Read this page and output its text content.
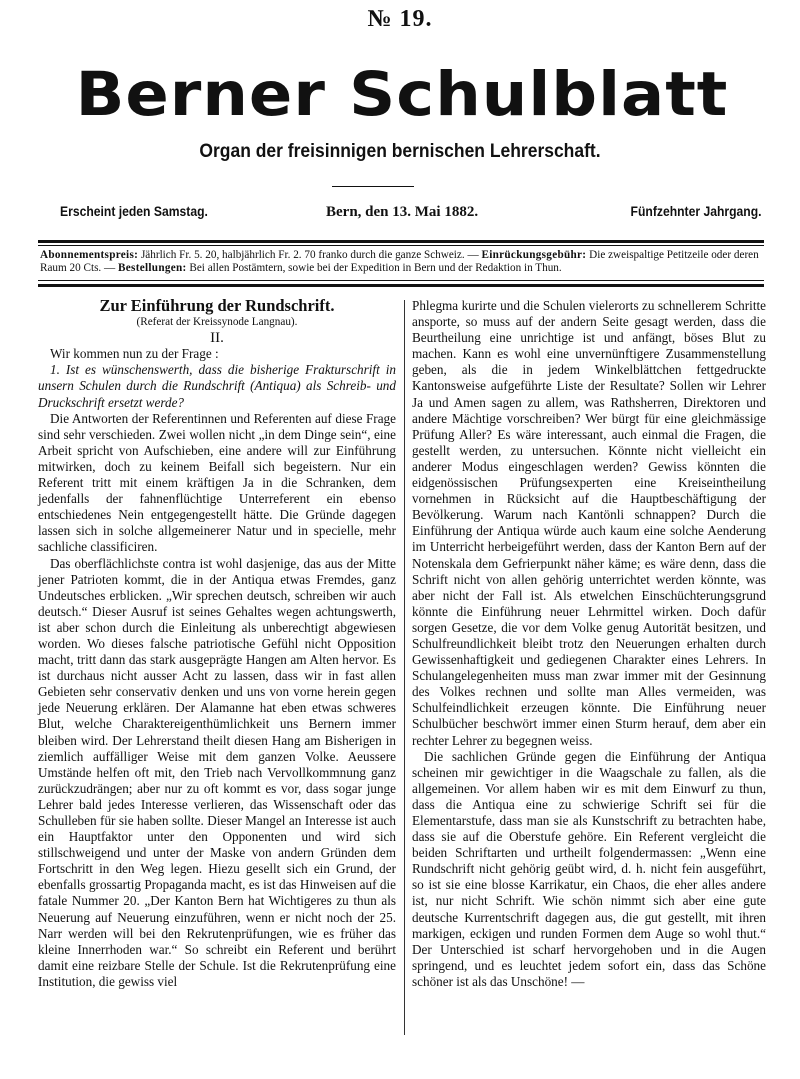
№ 19.
Berner Schulblatt
Organ der freisinnigen bernischen Lehrerschaft.
Erscheint jeden Samstag.	Bern, den 13. Mai 1882.	Fünfzehnter Jahrgang.
Abonnementspreis: Jährlich Fr. 5. 20, halbjährlich Fr. 2. 70 franko durch die ganze Schweiz. — Einrückungsgebühr: Die zweispaltige Petitzeile oder deren Raum 20 Cts. — Bestellungen: Bei allen Postämtern, sowie bei der Expedition in Bern und der Redaktion in Thun.

Zur Einführung der Rundschrift.

(Referat der Kreissynode Langnau).

II.

Wir kommen nun zu der Frage :

1. Ist es wünschenswerth, dass die bisherige Frakturschrift in unsern Schulen durch die Rundschrift (Antiqua) als Schreib- und Druckschrift ersetzt werde?

Die Antworten der Referentinnen und Referenten auf diese Frage sind sehr verschieden. Zwei wollen nicht „in dem Dinge sein“, eine Arbeit spricht von Aufschieben, eine andere will zur Einführung mitwirken, doch zu keinem Beifall sich begeistern. Nur ein Referent tritt mit einem kräftigen Ja in die Schranken, dem jedenfalls der fahnenflüchtige Unterreferent ein ebenso entschiedenes Nein entgegengestellt hätte. Die Gründe dagegen lassen sich in solche allgemeinerer Natur und in specielle, mehr sachliche classificiren.

Das oberflächlichste contra ist wohl dasjenige, das aus der Mitte jener Patrioten kommt, die in der Antiqua etwas Fremdes, ganz Undeutsches erblicken. „Wir sprechen deutsch, schreiben wir auch deutsch.“ Dieser Ausruf ist seines Gehaltes wegen achtungswerth, ist aber schon durch die Einleitung als unberechtigt abgewiesen worden. Wo dieses falsche patriotische Gefühl nicht Opposition macht, tritt dann das stark ausgeprägte Hangen am Alten hervor. Es ist durchaus nicht ausser Acht zu lassen, dass wir in fast allen Gebieten sehr conservativ denken und uns von vorne herein gegen jede Neuerung erklären. Der Alamanne hat eben etwas schweres Blut, welche Charaktereigenthümlichkeit uns Bernern immer bleiben wird. Der Lehrerstand theilt diesen Hang am Bisherigen in ziemlich auffälliger Weise mit dem ganzen Volke. Aeussere Umstände helfen oft mit, den Trieb nach Vervollkommnung ganz zurückzudrängen; aber nur zu oft kommt es vor, dass sogar junge Lehrer bald jedes Interesse verlieren, das Wissenschaft oder das Schulleben für sie haben sollte. Dieser Mangel an Interesse ist auch ein Hauptfaktor unter den Opponenten und wird sich stillschweigend und unter der Maske von andern Gründen dem Fortschritt in den Weg legen. Hiezu gesellt sich ein Grund, der ebenfalls grossartig Propaganda macht, es ist das Hinweisen auf die fatale Nummer 20. „Der Kanton Bern hat Wichtigeres zu thun als Neuerung auf Neuerung einzuführen, wenn er nicht noch der 25. Narr werden will bei den Rekrutenprüfungen, wie es früher das kleine Innerrhoden war.“ So schreibt ein Referent und berührt damit eine reizbare Stelle der Schule. Ist die Rekrutenprüfung eine Institution, die gewiss viel

Phlegma kurirte und die Schulen vielerorts zu schnellerem Schritte ansporte, so muss auf der andern Seite gesagt werden, dass die Beurtheilung eine unrichtige ist und anfängt, böses Blut zu machen. Kann es wohl eine unvernünftigere Zusammenstellung geben, als die in jedem Winkelblättchen fettgedruckte Kantonsweise aufgeführte Liste der Resultate? Sollen wir Lehrer Ja und Amen sagen zu allem, was Rathsherren, Direktoren und andere Mächtige vorschreiben? Wer bürgt für eine gleichmässige Prüfung Aller? Es wäre interessant, auch einmal die Fragen, die gestellt werden, zu untersuchen. Könnte nicht vielleicht ein anderer Modus eingeschlagen werden? Gewiss könnten die eidgenössischen Prüfungsexperten eine Kreiseintheilung vornehmen in Rücksicht auf die Hauptbeschäftigung der Bevölkerung. Warum nach Kantönli schnappen? Durch die Einführung der Antiqua würde auch kaum eine solche Aenderung im Unterricht herbeigeführt werden, dass der Kanton Bern auf der Notenskala dem Gefrierpunkt näher käme; es wäre denn, dass die Schrift nicht von allen gehörig unterrichtet werden könnte, was aber nicht der Fall ist. Als etwelchen Einschüchterungsgrund könnte die Einführung neuer Lehrmittel wirken. Doch dafür sorgen Gesetze, die vor dem Volke genug Autorität besitzen, und Schulfreundlichkeit bleibt trotz den Neuerungen erhalten durch Gewissenhaftigkeit und gediegenen Charakter eines Lehrers. In Schulangelegenheiten muss man zwar immer mit der Gesinnung des Volkes rechnen und sollte man Alles vermeiden, was Schulfeindlichkeit erzeugen könnte. Die Einführung neuer Schulbücher beschwört immer einen Sturm herauf, dem aber ein rechter Lehrer zu begegnen weiss.

Die sachlichen Gründe gegen die Einführung der Antiqua scheinen mir gewichtiger in die Waagschale zu fallen, als die allgemeinen. Vor allem haben wir es mit dem Einwurf zu thun, dass die Antiqua eine zu schwierige Schrift sei für die Elementarstufe, dass man sie als Kunstschrift zu betrachten habe, dass sie auf die Oberstufe gehöre. Ein Referent vergleicht die beiden Schriftarten und urtheilt folgendermassen: „Wenn eine Rundschrift nicht gehörig geübt wird, d. h. nicht fein ausgeführt, so ist sie eine blosse Karrikatur, ein Chaos, die eher alles andere ist, nur nicht Schrift. Wie schön nimmt sich aber eine gute deutsche Kurrentschrift dagegen aus, die gut gestellt, mit ihren markigen, eckigen und runden Formen dem Auge so wohl thut.“ Der Unterschied ist scharf hervorgehoben und in die Augen springend, und es leuchtet jedem sofort ein, dass das Schöne schöner ist als das Unschöne! —
